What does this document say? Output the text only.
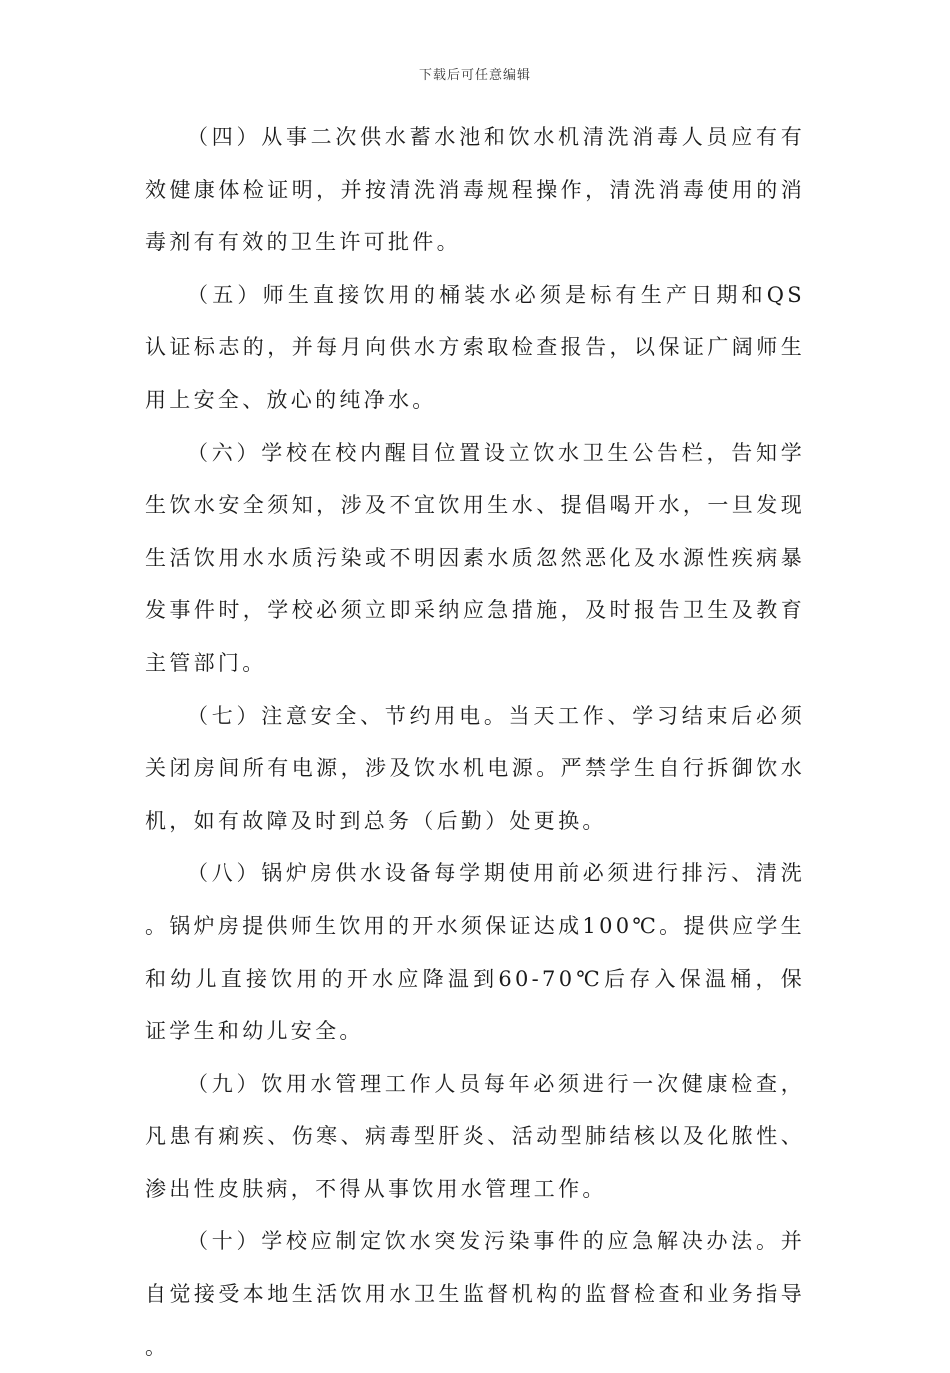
下载后可任意编辑

（四）从事二次供水蓄水池和饮水机清洗消毒人员应有有效健康体检证明，并按清洗消毒规程操作，清洗消毒使用的消毒剂有有效的卫生许可批件。

（五）师生直接饮用的桶装水必须是标有生产日期和QS认证标志的，并每月向供水方索取检查报告，以保证广阔师生用上安全、放心的纯净水。

（六）学校在校内醒目位置设立饮水卫生公告栏，告知学生饮水安全须知，涉及不宜饮用生水、提倡喝开水，一旦发现生活饮用水水质污染或不明因素水质忽然恶化及水源性疾病暴发事件时，学校必须立即采纳应急措施，及时报告卫生及教育主管部门。

（七）注意安全、节约用电。当天工作、学习结束后必须关闭房间所有电源，涉及饮水机电源。严禁学生自行拆御饮水机，如有故障及时到总务（后勤）处更换。

（八）锅炉房供水设备每学期使用前必须进行排污、清洗。锅炉房提供师生饮用的开水须保证达成100℃。提供应学生和幼儿直接饮用的开水应降温到60-70℃后存入保温桶，保证学生和幼儿安全。

（九）饮用水管理工作人员每年必须进行一次健康检查，凡患有痢疾、伤寒、病毒型肝炎、活动型肺结核以及化脓性、渗出性皮肤病，不得从事饮用水管理工作。

（十）学校应制定饮水突发污染事件的应急解决办法。并自觉接受本地生活饮用水卫生监督机构的监督检查和业务指导。
